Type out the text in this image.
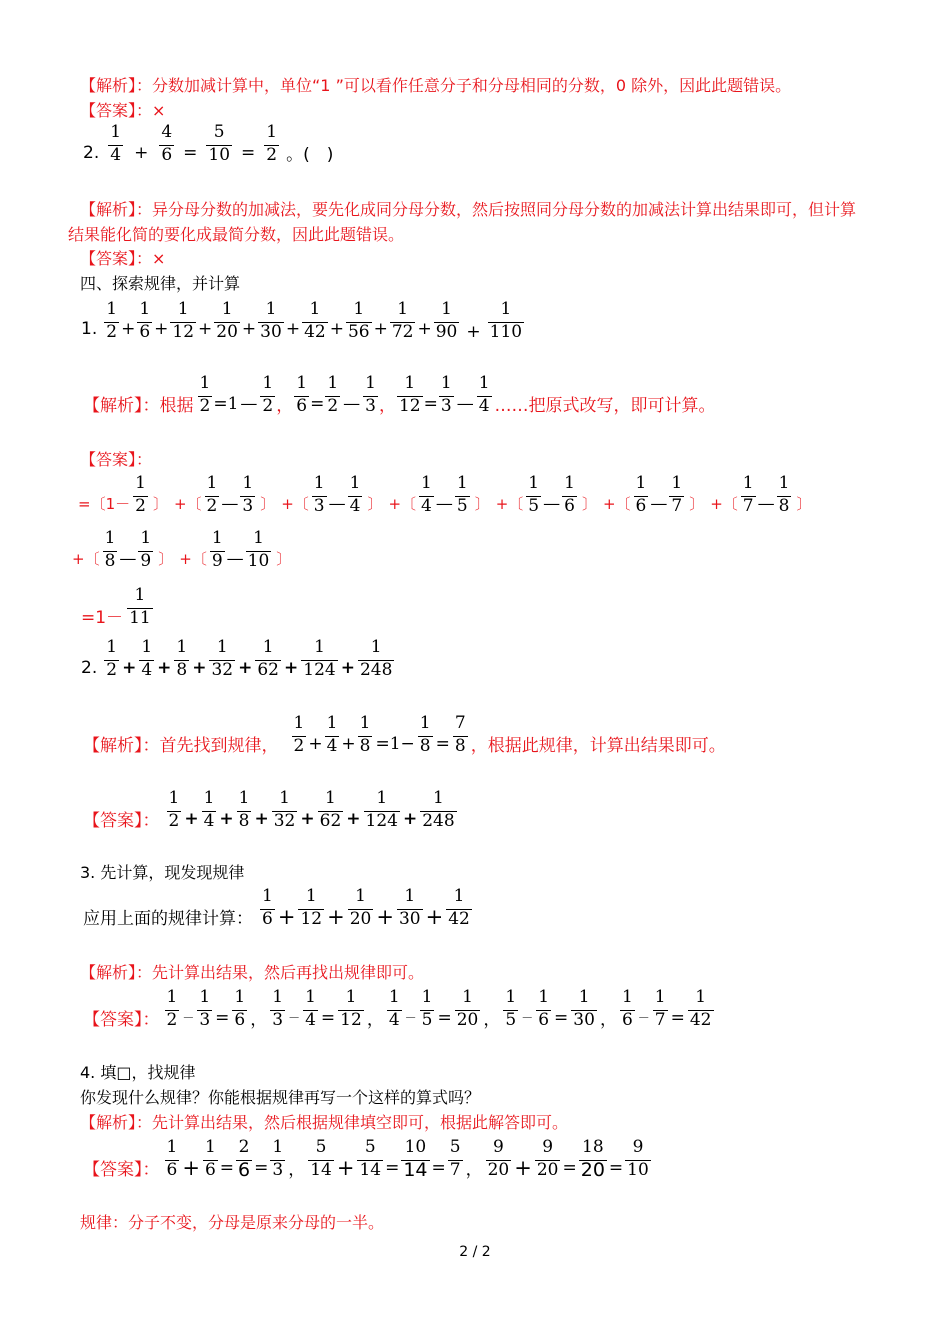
【解析】：分数加减计算中，单位“1 ”可以看作任意分子和分母相同的分数，0 除外，因此此题错误。
【答案】：×
2.
1
$4 + \frac{4}{6} = \frac{5}{10} = \frac{1}{2}$ 。(　)
【解析】：异分母分数的加减法，要先化成同分母分数，然后按照同分母分数的加减法计算出结果即可，但计算
结果能化简的要化成最简分数，因此此题错误。
【答案】：×
四、探索规律，并计算
1.
1
$2 + \frac{1}{6} + \frac{1}{12} + \frac{1}{20} + \frac{1}{30} + \frac{1}{42} + \frac{1}{56} + \frac{1}{72} + \frac{1}{90} + \frac{1}{110}$
【解析】：根据 $\frac{1}{2} = 1$ —
1
2 ， $\frac{1}{6} = \frac{1}{2}$ —
1
3 ， $\frac{1}{12} = \frac{1}{3}$ —
1
4 ……把原式改写，即可计算。
【答案】：
=〔1－
1
2 〕 +〔
1
2 —
1
3 〕 +〔
1
3 —
1
4 〕 +〔
1
4 —
1
5 〕 +〔
1
5 —
1
6 〕 +〔
1
6 —
1
7 〕 +〔
1
7 —
1
8 〕
+〔
1
8 —
1
9 〕 +〔
1
9 —
1
10 〕
=1－
1
11
2.
1
$2 + \frac{1}{4} + \frac{1}{8} + \frac{1}{32} + \frac{1}{62} + \frac{1}{124} + \frac{1}{248}$
【解析】：首先找到规律，
1
$2 + \frac{1}{4} + \frac{1}{8} =1- \frac{1}{8} = \frac{7}{8}$ ，根据此规律，计算出结果即可。
【答案】：
1
$2 + \frac{1}{4} + \frac{1}{8} + \frac{1}{32} + \frac{1}{62} + \frac{1}{124} + \frac{1}{248}$
3. 先计算，现发现规律
应用上面的规律计算：
1
$6 + \frac{1}{12} + \frac{1}{20} + \frac{1}{30} + \frac{1}{42}$
【解析】：先计算出结果，然后再找出规律即可。
【答案】：
1
$2 - \frac{1}{3} = \frac{1}{6}$ ，
1
$3 - \frac{1}{4} = \frac{1}{12}$ ，
1
$4 - \frac{1}{5} = \frac{1}{20}$ ，
1
$5 - \frac{1}{6} = \frac{1}{30}$ ，
1
$6 - \frac{1}{7} = \frac{1}{42}$
4. 填□，找规律
你发现什么规律？你能根据规律再写一个这样的算式吗？
【解析】：先计算出结果，然后根据规律填空即可，根据此解答即可。
【答案】：
1
$6 + \frac{1}{6} = \frac{2}{6} = \frac{1}{3}$ ，
5
$14 + \frac{5}{14} = \frac{10}{14} = \frac{5}{7}$ ，
9
$20 + \frac{9}{20} = \frac{18}{20} = \frac{9}{10}$
规律：分子不变，分母是原来分母的一半。
2 / 2
